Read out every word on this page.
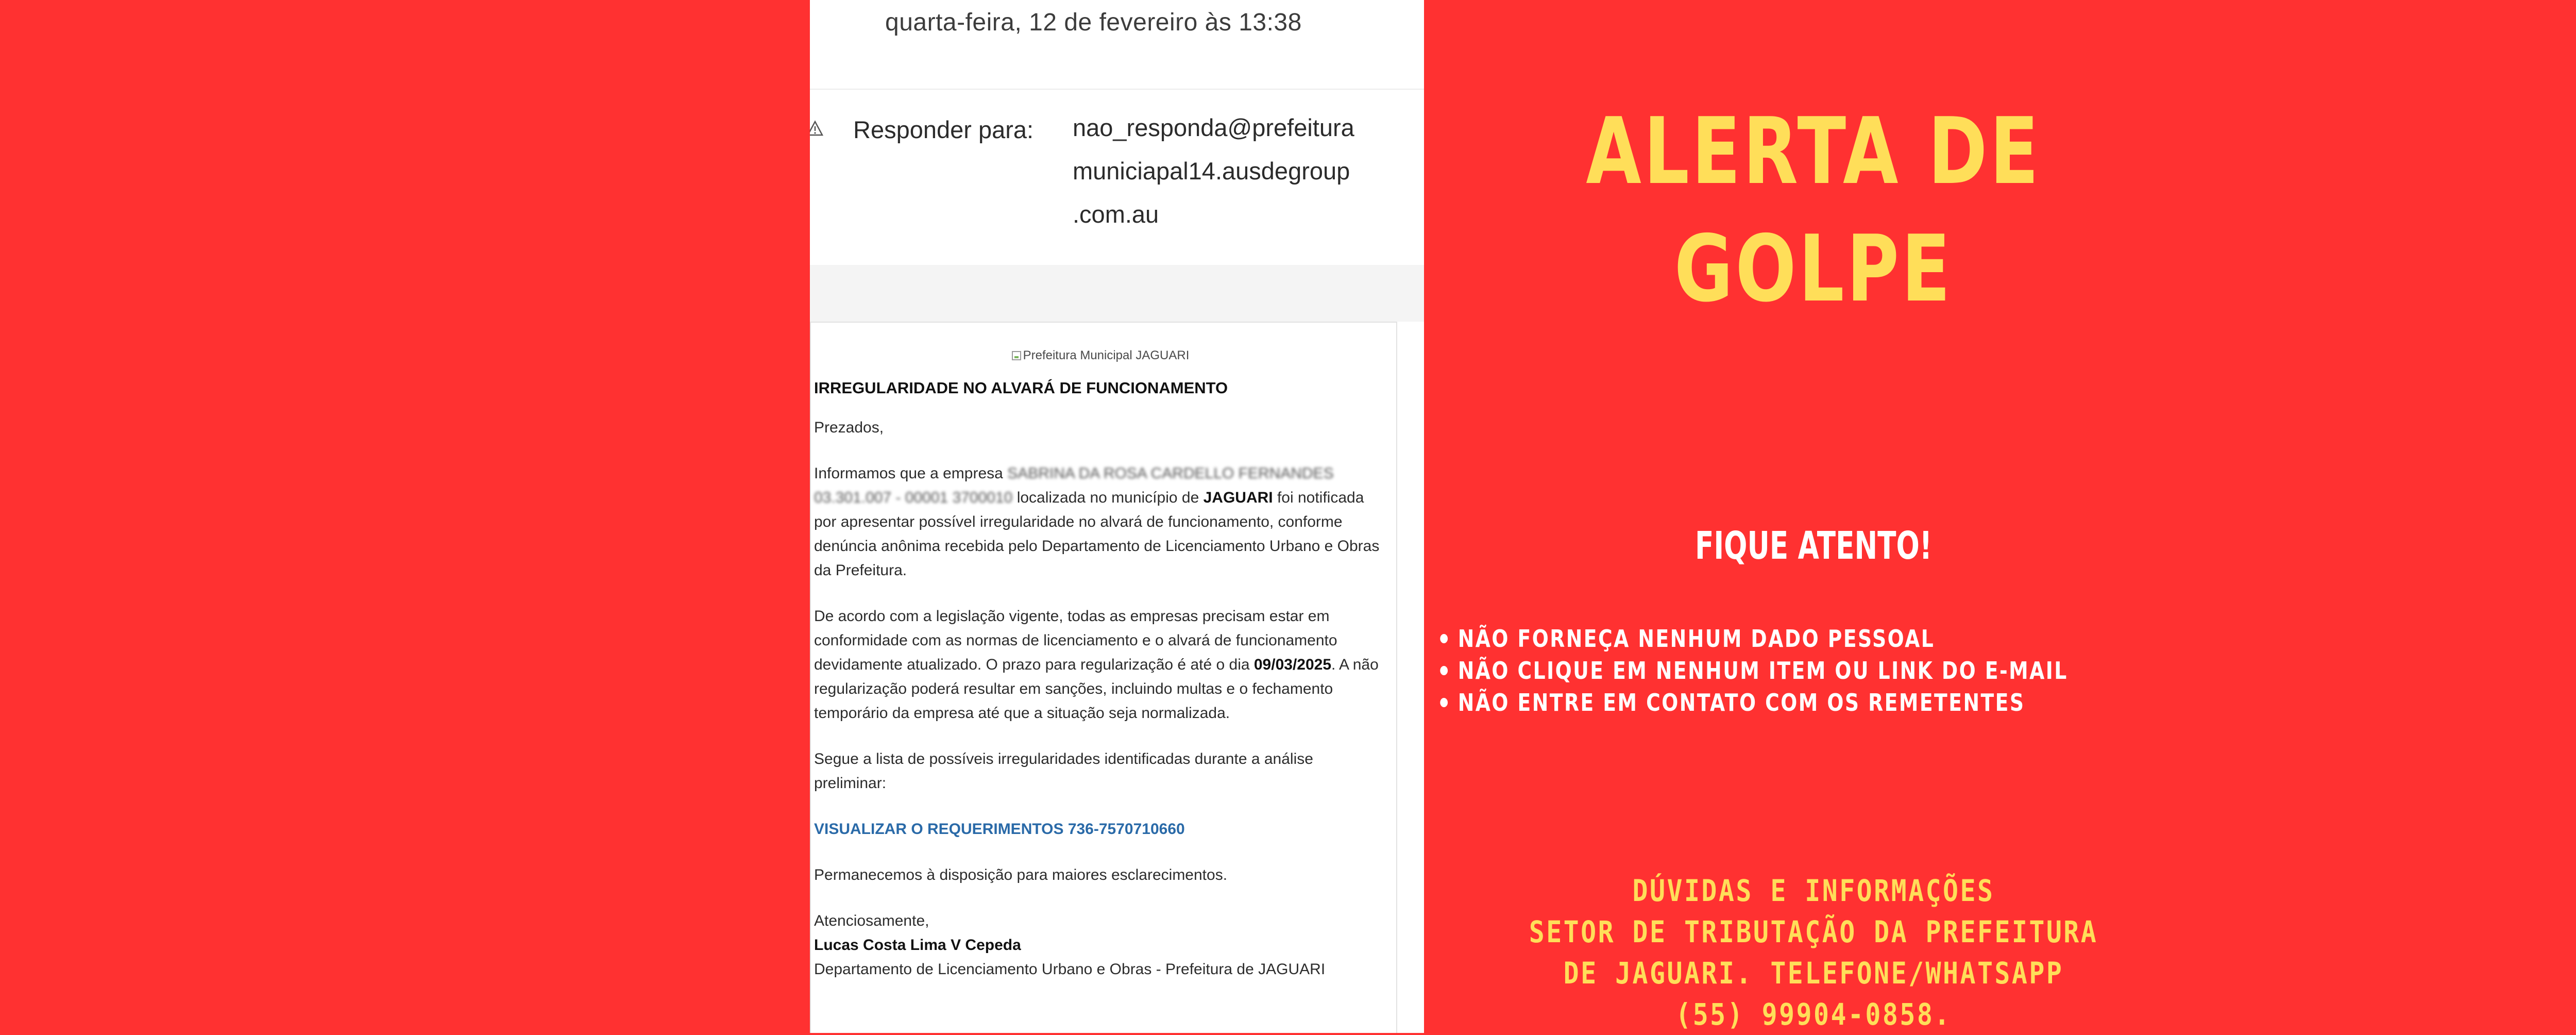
quarta-feira, 12 de fevereiro às 13:38
Responder para: nao_responda@prefeitura
municiapal14.ausdegroup
.com.au
Prefeitura Municipal JAGUARI
IRREGULARIDADE NO ALVARÁ DE FUNCIONAMENTO

Prezados,

Informamos que a empresa SABRINA DA ROSA CARDELLO FERNANDES 03.301.007 - 00001 3700010 localizada no município de JAGUARI foi notificada por apresentar possível irregularidade no alvará de funcionamento, conforme denúncia anônima recebida pelo Departamento de Licenciamento Urbano e Obras da Prefeitura.

De acordo com a legislação vigente, todas as empresas precisam estar em conformidade com as normas de licenciamento e o alvará de funcionamento devidamente atualizado. O prazo para regularização é até o dia 09/03/2025. A não regularização poderá resultar em sanções, incluindo multas e o fechamento temporário da empresa até que a situação seja normalizada.

Segue a lista de possíveis irregularidades identificadas durante a análise preliminar:

VISUALIZAR O REQUERIMENTOS 736-7570710660

Permanecemos à disposição para maiores esclarecimentos.

Atenciosamente,
Lucas Costa Lima V Cepeda
Departamento de Licenciamento Urbano e Obras - Prefeitura de JAGUARI
ALERTA DE
GOLPE
FIQUE ATENTO!
NÃO FORNEÇA NENHUM DADO PESSOAL
NÃO CLIQUE EM NENHUM ITEM OU LINK DO E-MAIL
NÃO ENTRE EM CONTATO COM OS REMETENTES
DÚVIDAS E INFORMAÇÕES
SETOR DE TRIBUTAÇÃO DA PREFEITURA
DE JAGUARI. TELEFONE/WHATSAPP
(55) 99904-0858.
